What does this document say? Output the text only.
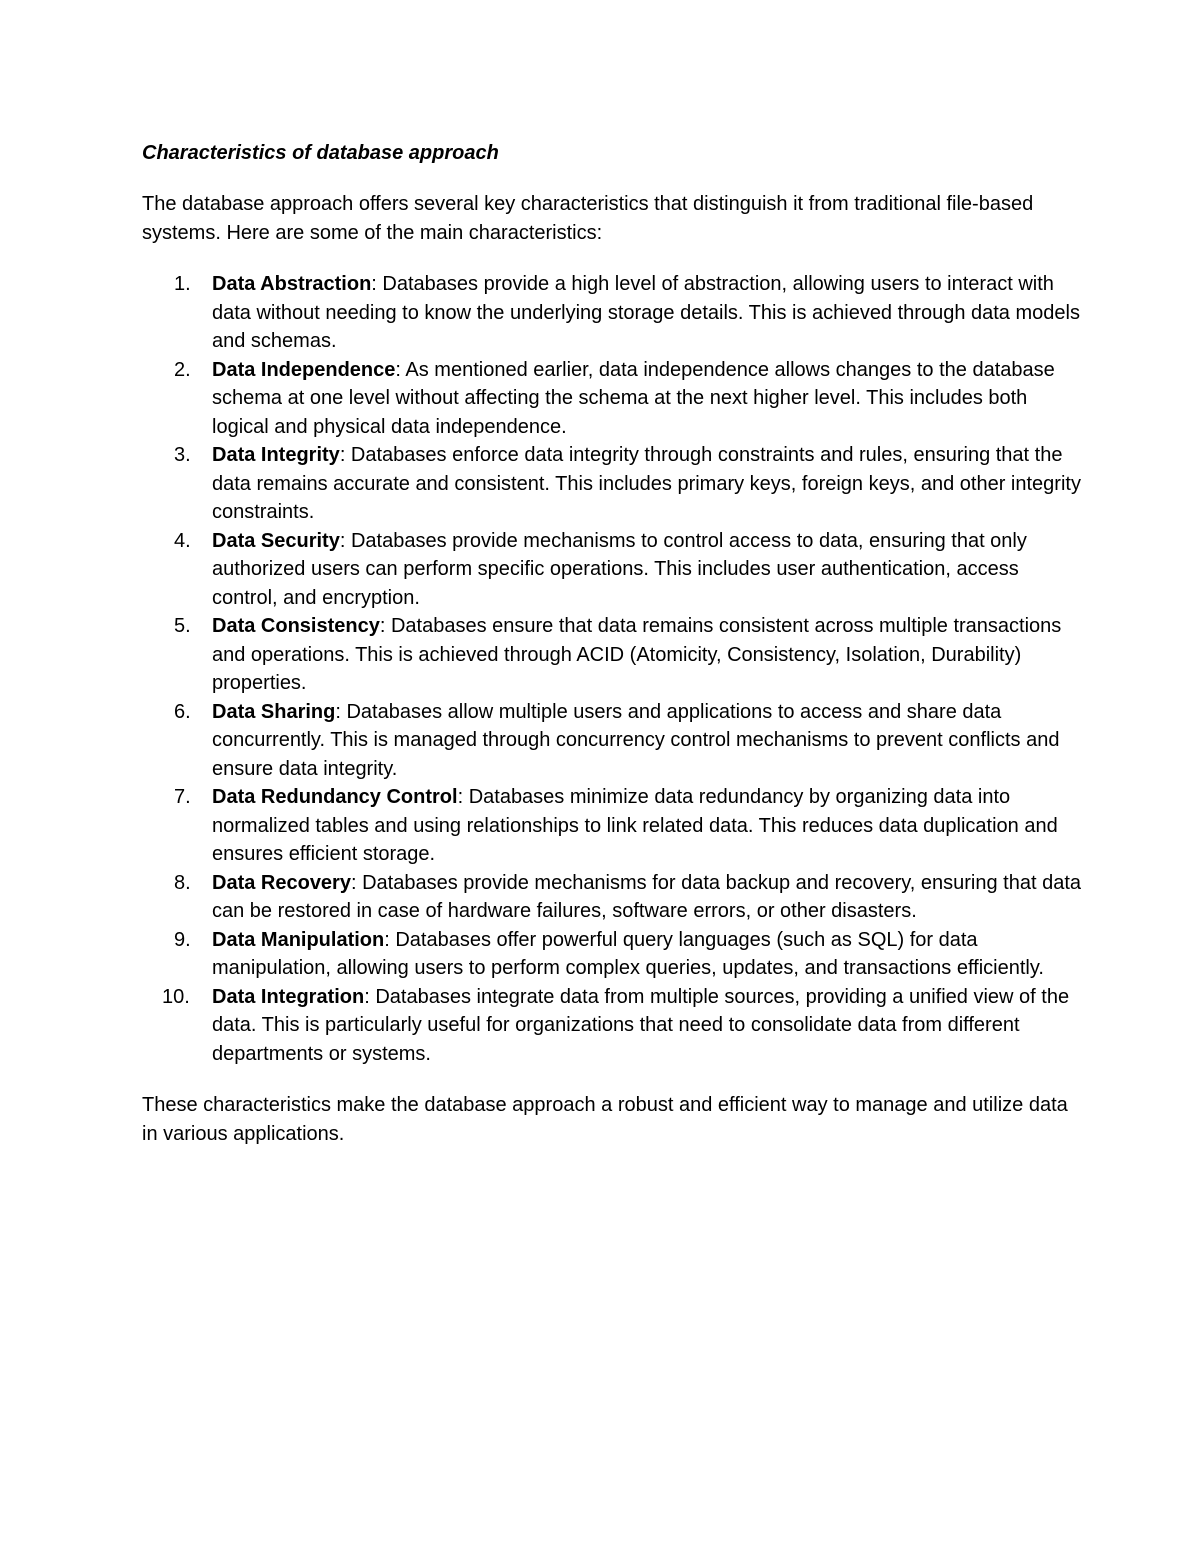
Characteristics of database approach

The database approach offers several key characteristics that distinguish it from traditional file-based systems. Here are some of the main characteristics:

1.	Data Abstraction: Databases provide a high level of abstraction, allowing users to interact with data without needing to know the underlying storage details. This is achieved through data models and schemas.
2.	Data Independence: As mentioned earlier, data independence allows changes to the database schema at one level without affecting the schema at the next higher level. This includes both logical and physical data independence.
3.	Data Integrity: Databases enforce data integrity through constraints and rules, ensuring that the data remains accurate and consistent. This includes primary keys, foreign keys, and other integrity constraints.
4.	Data Security: Databases provide mechanisms to control access to data, ensuring that only authorized users can perform specific operations. This includes user authentication, access control, and encryption.
5.	Data Consistency: Databases ensure that data remains consistent across multiple transactions and operations. This is achieved through ACID (Atomicity, Consistency, Isolation, Durability) properties.
6.	Data Sharing: Databases allow multiple users and applications to access and share data concurrently. This is managed through concurrency control mechanisms to prevent conflicts and ensure data integrity.
7.	Data Redundancy Control: Databases minimize data redundancy by organizing data into normalized tables and using relationships to link related data. This reduces data duplication and ensures efficient storage.
8.	Data Recovery: Databases provide mechanisms for data backup and recovery, ensuring that data can be restored in case of hardware failures, software errors, or other disasters.
9.	Data Manipulation: Databases offer powerful query languages (such as SQL) for data manipulation, allowing users to perform complex queries, updates, and transactions efficiently.
10.	Data Integration: Databases integrate data from multiple sources, providing a unified view of the data. This is particularly useful for organizations that need to consolidate data from different departments or systems.

These characteristics make the database approach a robust and efficient way to manage and utilize data in various applications.
